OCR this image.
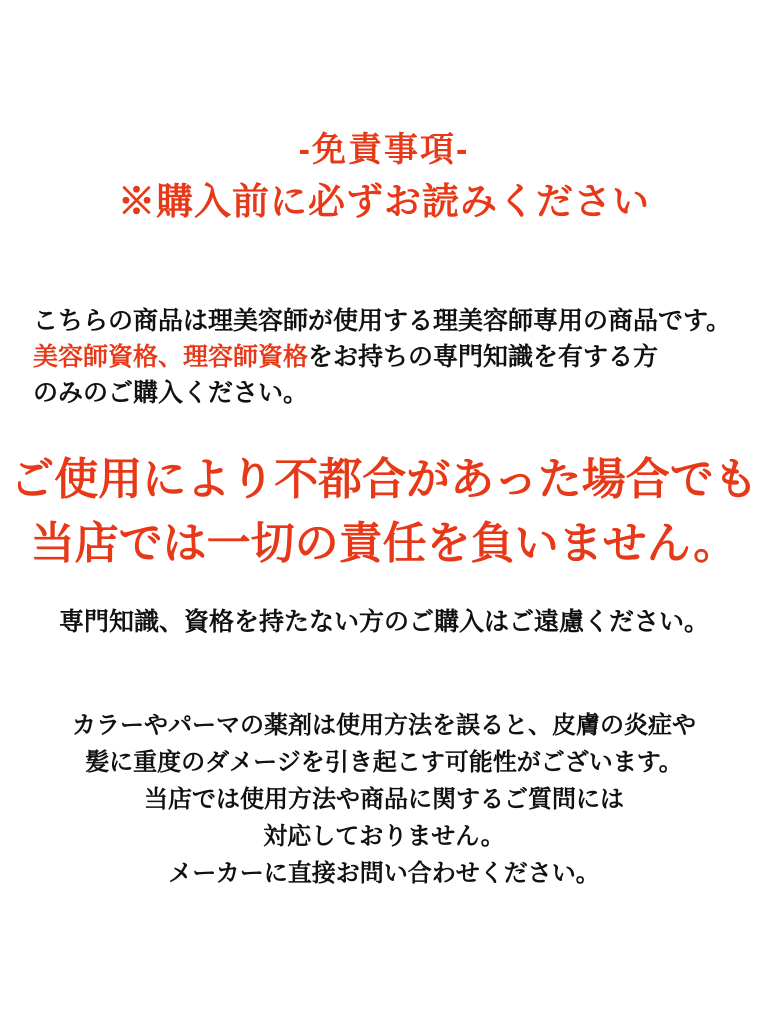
-免責事項-
※購入前に必ずお読みください
こちらの商品は理美容師が使用する理美容師専用の商品です。
美容師資格、理容師資格をお持ちの専門知識を有する方
のみのご購入ください。

ご使用により不都合があった場合でも
当店では一切の責任を負いません。

専門知識、資格を持たない方のご購入はご遠慮ください。

カラーやパーマの薬剤は使用方法を誤ると、皮膚の炎症や
髪に重度のダメージを引き起こす可能性がございます。
当店では使用方法や商品に関するご質問には
対応しておりません。
メーカーに直接お問い合わせください。
